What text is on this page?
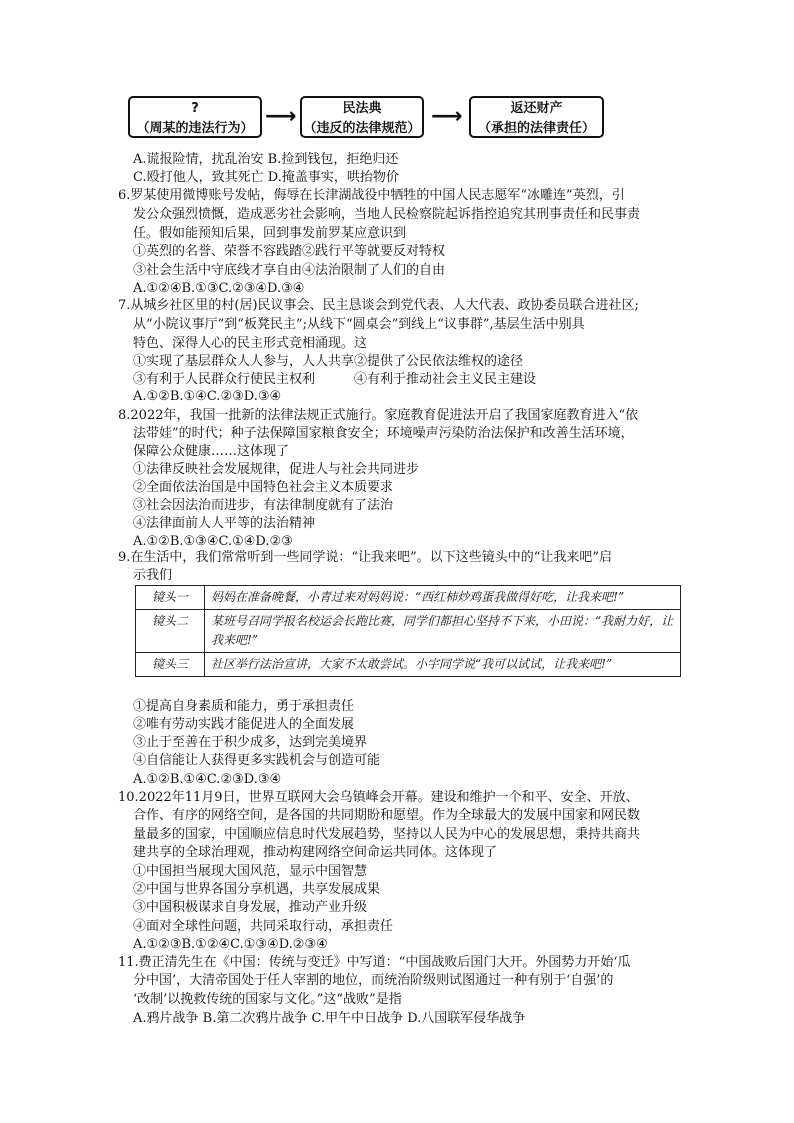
?
（周某的违法行为） ⟶	民法典
（违反的法律规范） ⟶	返还财产
（承担的法律责任）
A.谎报险情，扰乱治安 B.捡到钱包，拒绝归还
C.殴打他人，致其死亡 D.掩盖事实，哄抬物价
6.罗某使用微博账号发帖，侮辱在长津湖战役中牺牲的中国人民志愿军“冰雕连”英烈，引
发公众强烈愤慨，造成恶劣社会影响，当地人民检察院起诉指控追究其刑事责任和民事责
任。假如能预知后果，回到事发前罗某应意识到
①英烈的名誉、荣誉不容践踏②践行平等就要反对特权
③社会生活中守底线才享自由④法治限制了人们的自由
A.①②④B.①③C.②③④D.③④
7.从城乡社区里的村(居)民议事会、民主恳谈会到党代表、人大代表、政协委员联合进社区;
从“小院议事厅”到“板凳民主”;从线下“圆桌会”到线上“议事群”,基层生活中别具
特色、深得人心的民主形式竞相涌现。这
①实现了基层群众人人参与，人人共享②提供了公民依法维权的途径
③有利于人民群众行使民主权利　　　④有利于推动社会主义民主建设
A.①②B.①④C.②③D.③④
8.2022年，我国一批新的法律法规正式施行。家庭教育促进法开启了我国家庭教育进入“依
法带娃”的时代；种子法保障国家粮食安全；环境噪声污染防治法保护和改善生活环境，
保障公众健康……这体现了
①法律反映社会发展规律，促进人与社会共同进步
②全面依法治国是中国特色社会主义本质要求
③社会因法治而进步，有法律制度就有了法治
④法律面前人人平等的法治精神
A.①②B.①③④C.①④D.②③
9.在生活中，我们常常听到一些同学说：“让我来吧”。以下这些镜头中的“让我来吧”启
示我们
镜头一	妈妈在准备晚餐，小青过来对妈妈说：“西红柿炒鸡蛋我做得好吃，让我来吧!”
镜头二	某班号召同学报名校运会长跑比赛，同学们都担心坚持不下来，小田说：“我耐力好，让我来吧!”
镜头三	社区举行法治宣讲，大家不太敢尝试。小宇同学说“我可以试试，让我来吧!”
①提高自身素质和能力，勇于承担责任
②唯有劳动实践才能促进人的全面发展
③止于至善在于积少成多，达到完美境界
④自信能让人获得更多实践机会与创造可能
A.①②B.①④C.②③D.③④
10.2022年11月9日，世界互联网大会乌镇峰会开幕。建设和维护一个和平、安全、开放、
合作、有序的网络空间，是各国的共同期盼和愿望。作为全球最大的发展中国家和网民数
量最多的国家，中国顺应信息时代发展趋势，坚持以人民为中心的发展思想，秉持共商共
建共享的全球治理观，推动构建网络空间命运共同体。这体现了
①中国担当展现大国风范，显示中国智慧
②中国与世界各国分享机遇，共享发展成果
③中国积极谋求自身发展，推动产业升级
④面对全球性问题，共同采取行动，承担责任
A.①②③B.①②④C.①③④D.②③④
11.费正清先生在《中国：传统与变迁》中写道：“中国战败后国门大开。外国势力开始‘瓜
分中国’，大清帝国处于任人宰割的地位，而统治阶级则试图通过一种有别于‘自强’的
‘改制’以挽救传统的国家与文化。”这“战败”是指
A.鸦片战争 B.第二次鸦片战争 C.甲午中日战争 D.八国联军侵华战争
